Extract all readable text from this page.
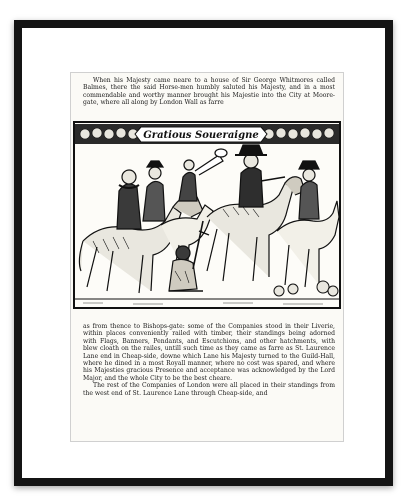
When his Majesty came neare to a house of Sir George Whitmores called Balmes, there the said Horse-men humbly saluted his Majesty, and in a most commendable and worthy manner brought his Majestie into the City at Moore-gate, where all along by London Wall as farre

Gratious Soueraigne

as from thence to Bishops-gate: some of the Companies stood in their Liverie, within places conveniently railed with timber, their standings being adorned with Flags, Banners, Pendants, and Escutchions, and other hatchments, with blew cloath on the railes, untill such time as they came as farre as St. Laurence Lane end in Cheap-side, downe which Lane his Majesty turned to the Guild-Hall, where he dined in a most Royall manner, where no cost was spared, and where his Majesties gracious Presence and acceptance was acknowledged by the Lord Major, and the whole City to be the best cheare.

The rest of the Companies of London were all placed in their standings from the west end of St. Laurence Lane through Cheap-side, and
